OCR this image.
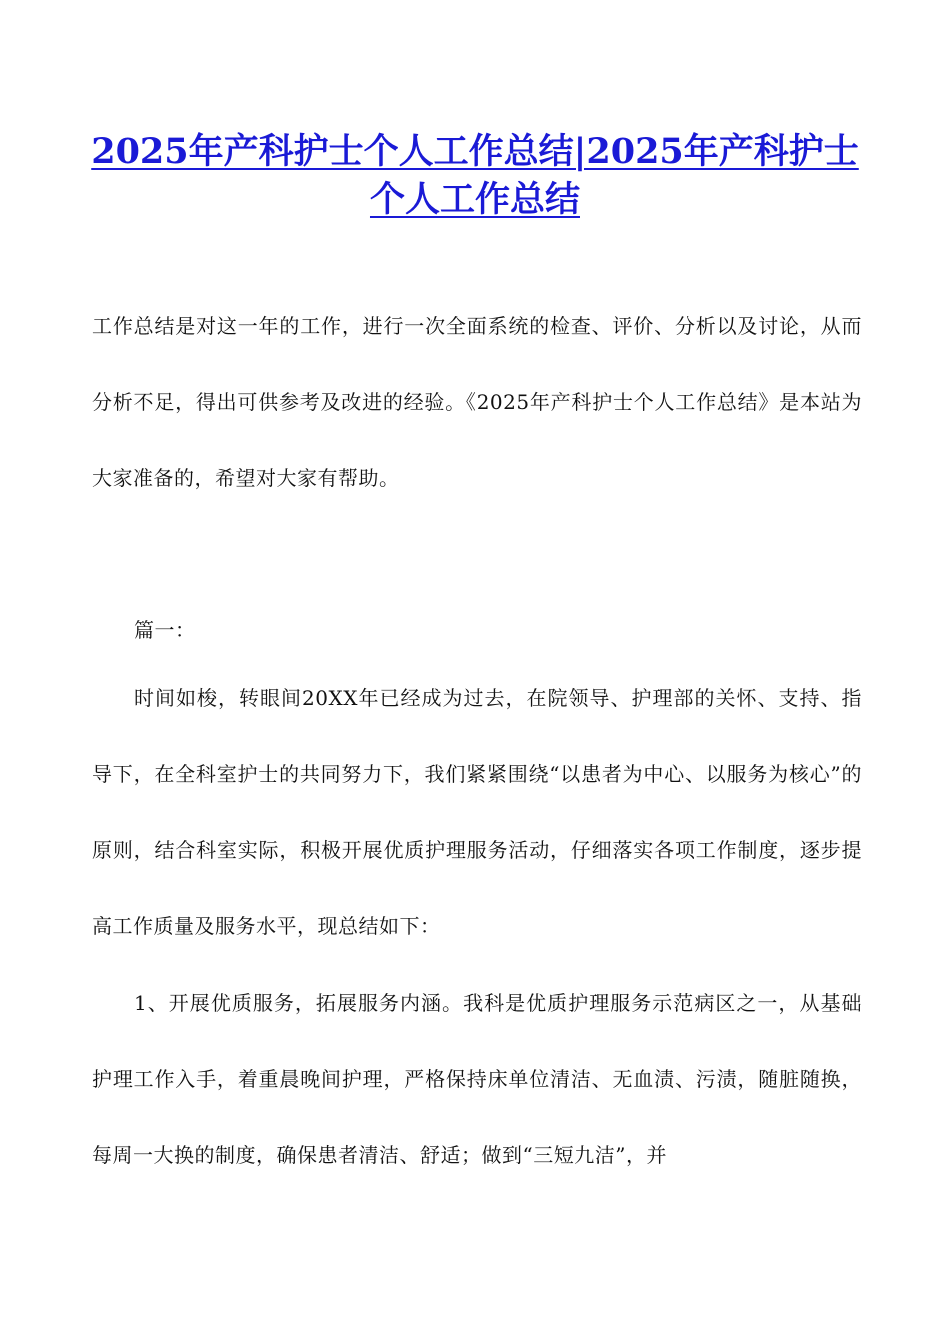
2025年产科护士个人工作总结|2025年产科护士个人工作总结

工作总结是对这一年的工作，进行一次全面系统的检查、评价、分析以及讨论，从而分析不足，得出可供参考及改进的经验。《2025年产科护士个人工作总结》是本站为大家准备的，希望对大家有帮助。

篇一：

时间如梭，转眼间20XX年已经成为过去，在院领导、护理部的关怀、支持、指导下，在全科室护士的共同努力下，我们紧紧围绕“以患者为中心、以服务为核心”的原则，结合科室实际，积极开展优质护理服务活动，仔细落实各项工作制度，逐步提高工作质量及服务水平，现总结如下：

1、开展优质服务，拓展服务内涵。我科是优质护理服务示范病区之一，从基础护理工作入手，着重晨晚间护理，严格保持床单位清洁、无血渍、污渍，随脏随换，每周一大换的制度，确保患者清洁、舒适；做到“三短九洁”，并
